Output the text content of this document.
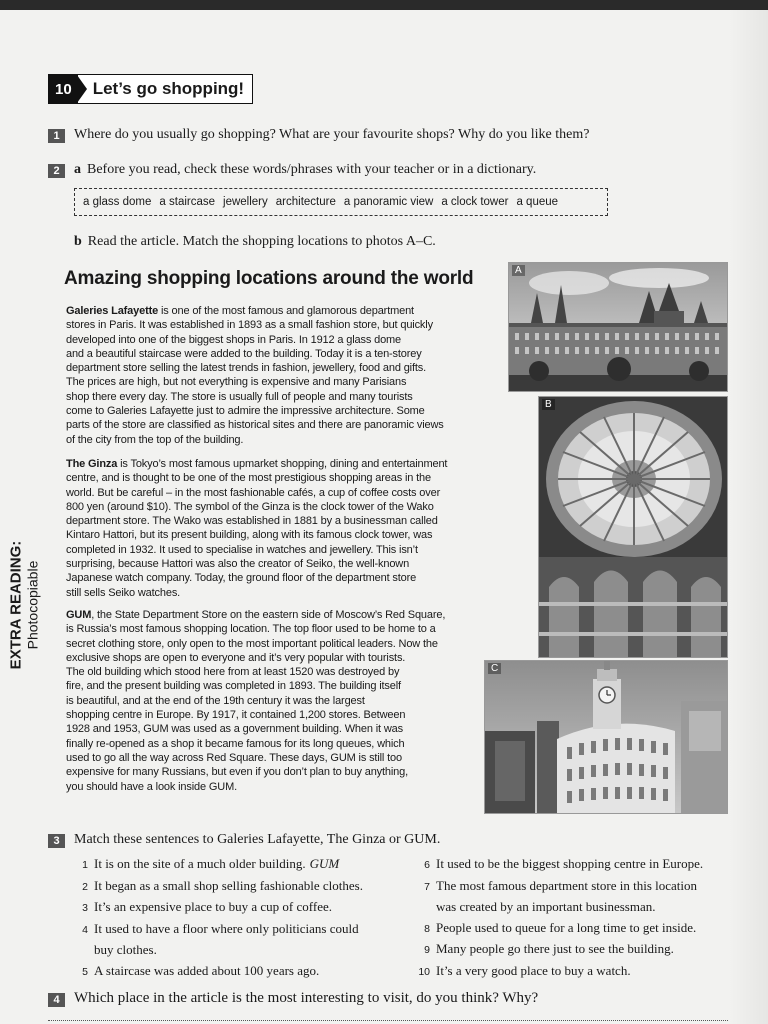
10	Let’s go shopping!
1 Where do you usually go shopping? What are your favourite shops? Why do you like them?
2 a Before you read, check these words/phrases with your teacher or in a dictionary.
a glass dome a staircase jewellery architecture a panoramic view a clock tower a queue
b Read the article. Match the shopping locations to photos A–C.
Amazing shopping locations around the world
Galeries Lafayette is one of the most famous and glamorous department
stores in Paris. It was established in 1893 as a small fashion store, but quickly
developed into one of the biggest shops in Paris. In 1912 a glass dome
and a beautiful staircase were added to the building. Today it is a ten-storey
department store selling the latest trends in fashion, jewellery, food and gifts.
The prices are high, but not everything is expensive and many Parisians
shop there every day. The store is usually full of people and many tourists
come to Galeries Lafayette just to admire the impressive architecture. Some
parts of the store are classified as historical sites and there are panoramic views
of the city from the top of the building.
The Ginza is Tokyo’s most famous upmarket shopping, dining and entertainment
centre, and is thought to be one of the most prestigious shopping areas in the
world. But be careful – in the most fashionable cafés, a cup of coffee costs over
800 yen (around $10). The symbol of the Ginza is the clock tower of the Wako
department store. The Wako was established in 1881 by a businessman called
Kintaro Hattori, but its present building, along with its famous clock tower, was
completed in 1932. It used to specialise in watches and jewellery. This isn’t
surprising, because Hattori was also the creator of Seiko, the well-known
Japanese watch company. Today, the ground floor of the department store
still sells Seiko watches.
GUM, the State Department Store on the eastern side of Moscow’s Red Square,
is Russia’s most famous shopping location. The top floor used to be home to a
secret clothing store, only open to the most important political leaders. Now the
exclusive shops are open to everyone and it’s very popular with tourists.
The old building which stood here from at least 1520 was destroyed by
fire, and the present building was completed in 1893. The building itself
is beautiful, and at the end of the 19th century it was the largest
shopping centre in Europe. By 1917, it contained 1,200 stores. Between
1928 and 1953, GUM was used as a government building. When it was
finally re-opened as a shop it became famous for its long queues, which
used to go all the way across Red Square. These days, GUM is still too
expensive for many Russians, but even if you don’t plan to buy anything,
you should have a look inside GUM.
A
B
C
EXTRA READING: Photocopiable
3 Match these sentences to Galeries Lafayette, The Ginza or GUM.
1 It is on the site of a much older building. GUM
2 It began as a small shop selling fashionable clothes.
3 It’s an expensive place to buy a cup of coffee.
4 It used to have a floor where only politicians could
buy clothes.
5 A staircase was added about 100 years ago.
6 It used to be the biggest shopping centre in Europe.
7 The most famous department store in this location
was created by an important businessman.
8 People used to queue for a long time to get inside.
9 Many people go there just to see the building.
10 It’s a very good place to buy a watch.
4 Which place in the article is the most interesting to visit, do you think? Why?
